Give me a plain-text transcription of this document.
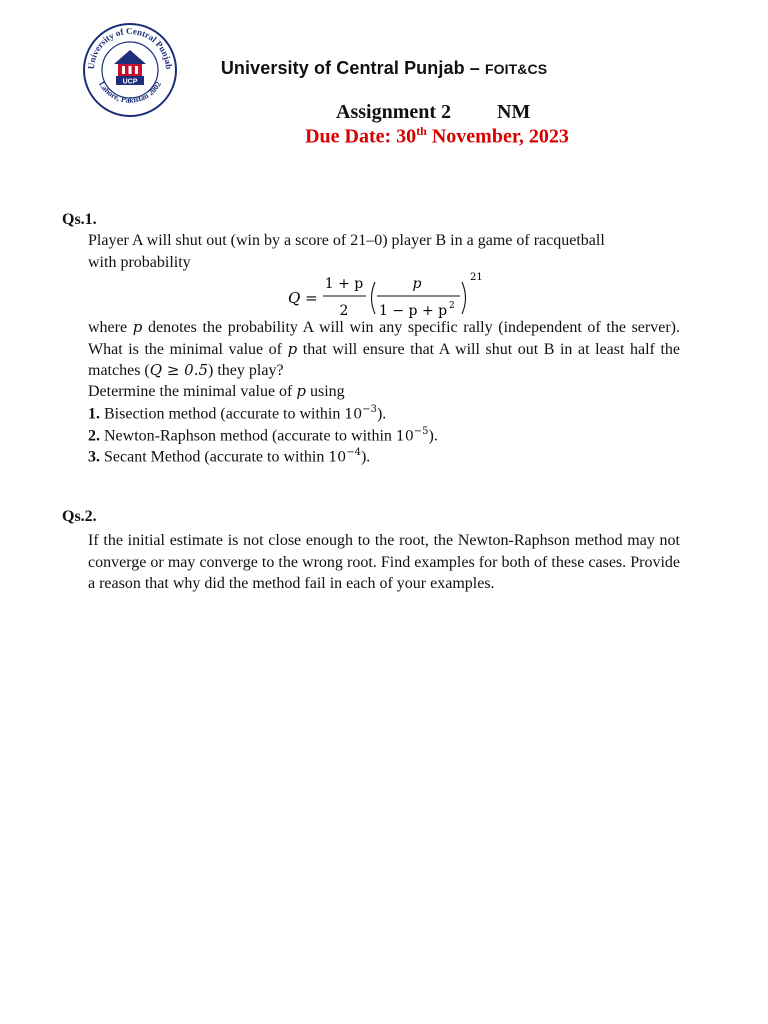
University of Central Punjab
Lahore, Pakistan 2002
UCP
University of Central Punjab – FOIT&CS
Assignment 2 NM
Due Date: 30th November, 2023
Qs.1.
Player A will shut out (win by a score of 21–0) player B in a game of racquetball
with probability
Q =
1 + p
2
p
1 − p + p 2
21
where p denotes the probability A will win any specific rally (independent of the server). What is the minimal value of p that will ensure that A will shut out B in at least half the matches (Q ≥ 0.5) they play?
Determine the minimal value of p using
1. Bisection method (accurate to within $10^{-3}$).
2. Newton-Raphson method (accurate to within $10^{-5}$).
3. Secant Method (accurate to within $10^{-4}$).
Qs.2.
If the initial estimate is not close enough to the root, the Newton-Raphson method may not converge or may converge to the wrong root. Find examples for both of these cases. Provide a reason that why did the method fail in each of your examples.
